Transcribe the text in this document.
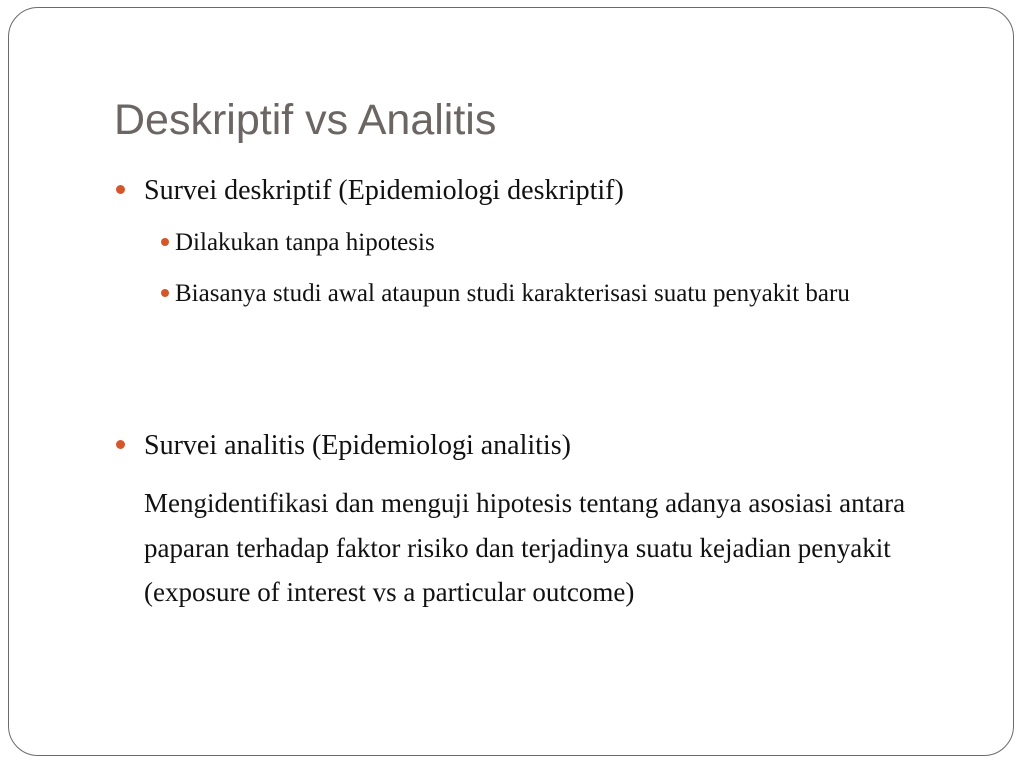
Deskriptif vs Analitis
Survei deskriptif (Epidemiologi deskriptif)
Dilakukan tanpa hipotesis
Biasanya studi awal ataupun studi karakterisasi suatu penyakit baru
Survei analitis (Epidemiologi analitis)

Mengidentifikasi dan menguji hipotesis tentang adanya asosiasi antara paparan terhadap faktor risiko dan terjadinya suatu kejadian penyakit (exposure of interest vs a particular outcome)
